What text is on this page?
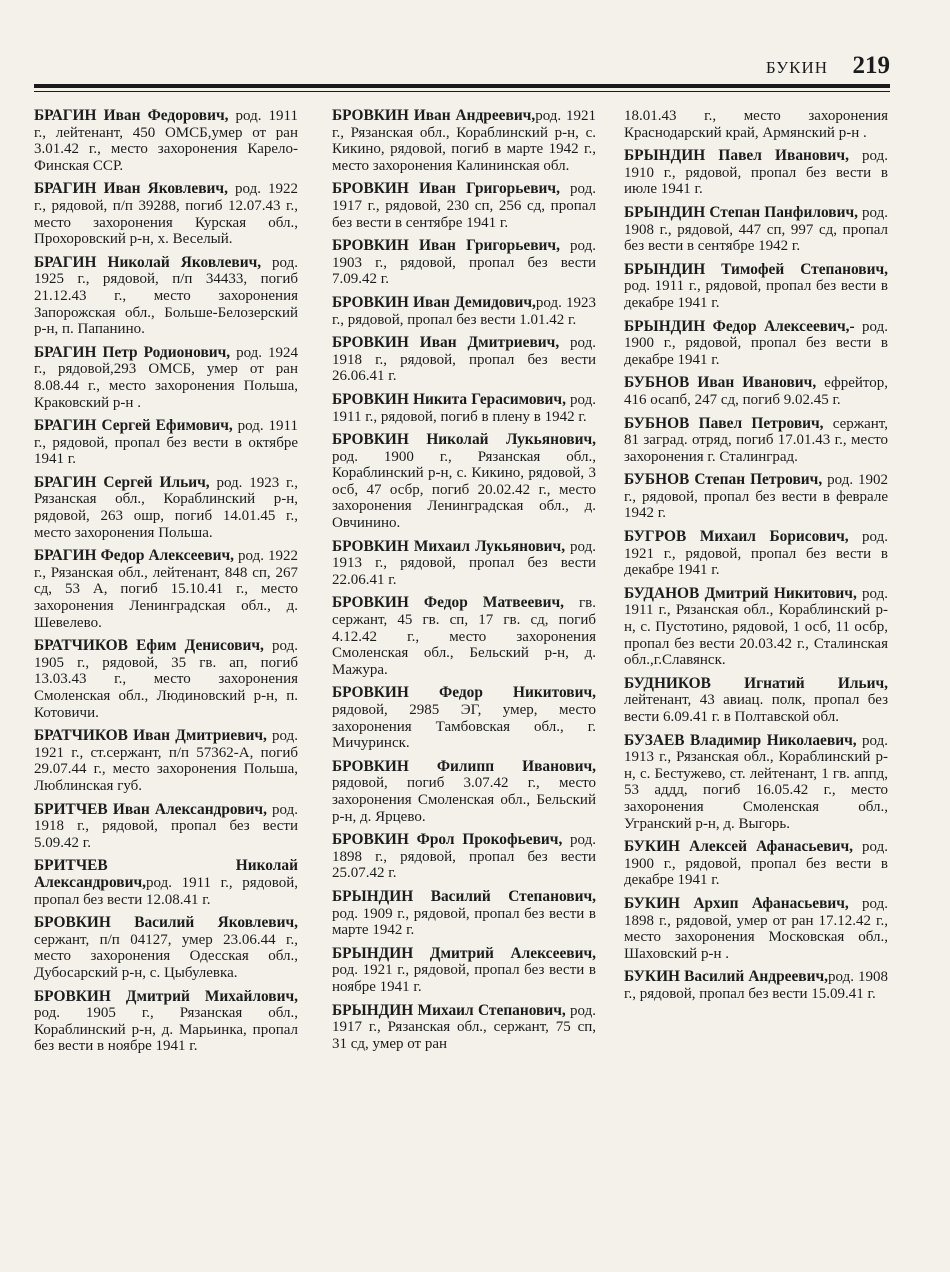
БУКИН 219

БРАГИН Иван Федорович, род. 1911 г., лейтенант, 450 ОМСБ,умер от ран 3.01.42 г., место захоронения Карело-Финская ССР.

БРАГИН Иван Яковлевич, род. 1922 г., рядовой, п/п 39288, погиб 12.07.43 г., место захоронения Курская обл., Прохоровский р-н, х. Веселый.

БРАГИН Николай Яковлевич, род. 1925 г., рядовой, п/п 34433, погиб 21.12.43 г., место захоронения Запорожская обл., Больше-Белозерский р-н, п. Папанино.

БРАГИН Петр Родионович, род. 1924 г., рядовой,293 ОМСБ, умер от ран 8.08.44 г., место захоронения Польша, Краковский р-н .

БРАГИН Сергей Ефимович, род. 1911 г., рядовой, пропал без вести в октябре 1941 г.

БРАГИН Сергей Ильич, род. 1923 г., Рязанская обл., Кораблинский р-н, рядовой, 263 ошр, погиб 14.01.45 г., место захоронения Польша.

БРАГИН Федор Алексеевич, род. 1922 г., Рязанская обл., лейтенант, 848 сп, 267 сд, 53 А, погиб 15.10.41 г., место захоронения Ленинградская обл., д. Шевелево.

БРАТЧИКОВ Ефим Денисович, род. 1905 г., рядовой, 35 гв. ап, погиб 13.03.43 г., место захоронения Смоленская обл., Людиновский р-н, п. Котовичи.

БРАТЧИКОВ Иван Дмитриевич, род. 1921 г., ст.сержант, п/п 57362-А, погиб 29.07.44 г., место захоронения Польша, Люблинская губ.

БРИТЧЕВ Иван Александрович, род. 1918 г., рядовой, пропал без вести 5.09.42 г.

БРИТЧЕВ Николай Александрович,род. 1911 г., рядовой, пропал без вести 12.08.41 г.

БРОВКИН Василий Яковлевич, сержант, п/п 04127, умер 23.06.44 г., место захоронения Одесская обл., Дубосарский р-н, с. Цыбулевка.

БРОВКИН Дмитрий Михайлович, род. 1905 г., Рязанская обл., Кораблинский р-н, д. Марьинка, пропал без вести в ноябре 1941 г.

БРОВКИН Иван Андреевич,род. 1921 г., Рязанская обл., Кораблинский р-н, с. Кикино, рядовой, погиб в марте 1942 г., место захоронения Калининская обл.

БРОВКИН Иван Григорьевич, род. 1917 г., рядовой, 230 сп, 256 сд, пропал без вести в сентябре 1941 г.

БРОВКИН Иван Григорьевич, род. 1903 г., рядовой, пропал без вести 7.09.42 г.

БРОВКИН Иван Демидович,род. 1923 г., рядовой, пропал без вести 1.01.42 г.

БРОВКИН Иван Дмитриевич, род. 1918 г., рядовой, пропал без вести 26.06.41 г.

БРОВКИН Никита Герасимович, род. 1911 г., рядовой, погиб в плену в 1942 г.

БРОВКИН Николай Лукьянович, род. 1900 г., Рязанская обл., Кораблинский р-н, с. Кикино, рядовой, 3 осб, 47 осбр, погиб 20.02.42 г., место захоронения Ленинградская обл., д. Овчинино.

БРОВКИН Михаил Лукьянович, род. 1913 г., рядовой, пропал без вести 22.06.41 г.

БРОВКИН Федор Матвеевич, гв. сержант, 45 гв. сп, 17 гв. сд, погиб 4.12.42 г., место захоронения Смоленская обл., Бельский р-н, д. Мажура.

БРОВКИН Федор Никитович, рядовой, 2985 ЭГ, умер, место захоронения Тамбовская обл., г. Мичуринск.

БРОВКИН Филипп Иванович, рядовой, погиб 3.07.42 г., место захоронения Смоленская обл., Бельский р-н, д. Ярцево.

БРОВКИН Фрол Прокофьевич, род. 1898 г., рядовой, пропал без вести 25.07.42 г.

БРЫНДИН Василий Степанович, род. 1909 г., рядовой, пропал без вести в марте 1942 г.

БРЫНДИН Дмитрий Алексеевич, род. 1921 г., рядовой, пропал без вести в ноябре 1941 г.

БРЫНДИН Михаил Степанович, род. 1917 г., Рязанская обл., сержант, 75 сп, 31 сд, умер от ран

18.01.43 г., место захоронения Краснодарский край, Армянский р-н .

БРЫНДИН Павел Иванович, род. 1910 г., рядовой, пропал без вести в июле 1941 г.

БРЫНДИН Степан Панфилович, род. 1908 г., рядовой, 447 сп, 997 сд, пропал без вести в сентябре 1942 г.

БРЫНДИН Тимофей Степанович, род. 1911 г., рядовой, пропал без вести в декабре 1941 г.

БРЫНДИН Федор Алексеевич,- род. 1900 г., рядовой, пропал без вести в декабре 1941 г.

БУБНОВ Иван Иванович, ефрейтор, 416 осапб, 247 сд, погиб 9.02.45 г.

БУБНОВ Павел Петрович, сержант, 81 заград. отряд, погиб 17.01.43 г., место захоронения г. Сталинград.

БУБНОВ Степан Петрович, род. 1902 г., рядовой, пропал без вести в феврале 1942 г.

БУГРОВ Михаил Борисович, род. 1921 г., рядовой, пропал без вести в декабре 1941 г.

БУДАНОВ Дмитрий Никитович, род. 1911 г., Рязанская обл., Кораблинский р-н, с. Пустотино, рядовой, 1 осб, 11 осбр, пропал без вести 20.03.42 г., Сталинская обл.,г.Славянск.

БУДНИКОВ Игнатий Ильич, лейтенант, 43 авиац. полк, пропал без вести 6.09.41 г. в Полтавской обл.

БУЗАЕВ Владимир Николаевич, род. 1913 г., Рязанская обл., Кораблинский р-н, с. Бестужево, ст. лейтенант, 1 гв. аппд, 53 аддд, погиб 16.05.42 г., место захоронения Смоленская обл., Угранский р-н, д. Выгорь.

БУКИН Алексей Афанасьевич, род. 1900 г., рядовой, пропал без вести в декабре 1941 г.

БУКИН Архип Афанасьевич, род. 1898 г., рядовой, умер от ран 17.12.42 г., место захоронения Московская обл., Шаховский р-н .

БУКИН Василий Андреевич,род. 1908 г., рядовой, пропал без вести 15.09.41 г.
